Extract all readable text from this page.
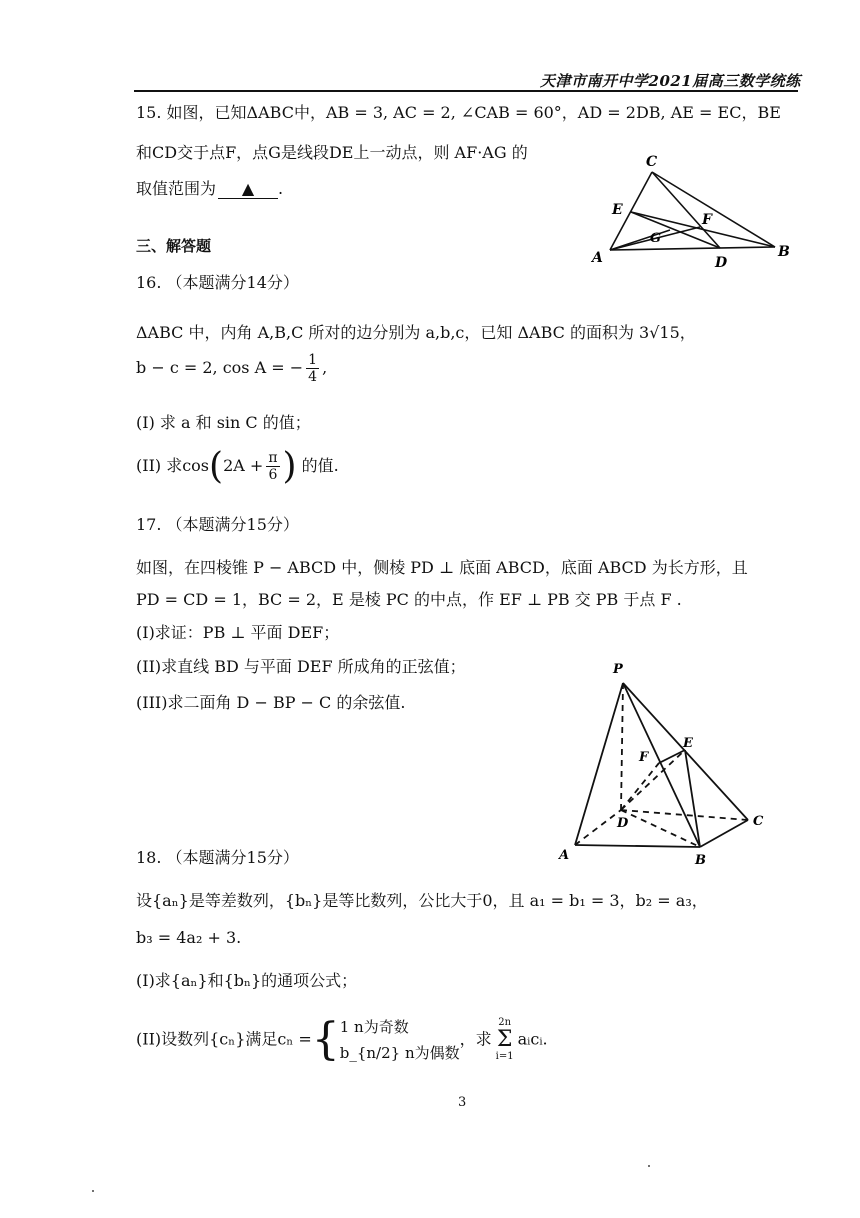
天津市南开中学2021届高三数学统练
15. 如图，已知ΔABC中，AB = 3, AC = 2, ∠CAB = 60°，AD = 2DB, AE = EC，BE
和CD交于点F，点G是线段DE上一动点，则 AF·AG 的
取值范围为 ▲ .
C
E
F
G
A	B
D
三、解答题
16. （本题满分14分）
ΔABC 中，内角 A,B,C 所对的边分别为 a,b,c，已知 ΔABC 的面积为 3√15，
b − c = 2, cos A = − $\frac{1}{4}$ ,
(I) 求 a 和 sin C 的值；
(II) 求$\cos(2A + \frac{\pi}{6}$ ) 的值.
17. （本题满分15分）
如图，在四棱锥 P − ABCD 中，侧棱 PD ⊥ 底面 ABCD，底面 ABCD 为长方形，且
PD = CD = 1，BC = 2，E 是棱 PC 的中点，作 EF ⊥ PB 交 PB 于点 F .
(I)求证：PB ⊥ 平面 DEF；
(II)求直线 BD 与平面 DEF 所成角的正弦值；
(III)求二面角 D − BP − C 的余弦值.
P
E
F
D	C
A	B
18. （本题满分15分）
设{aₙ}是等差数列，{bₙ}是等比数列，公比大于0，且 a₁ = b₁ = 3，b₂ = a₃，
b₃ = 4a₂ + 3.
(I)求{aₙ}和{bₙ}的通项公式；
(II)设数列{cₙ}满足cₙ ={ 1 n为奇数
b_{n/2} n为偶数
，求
2n
Σ
i=1
aᵢcᵢ.
3
